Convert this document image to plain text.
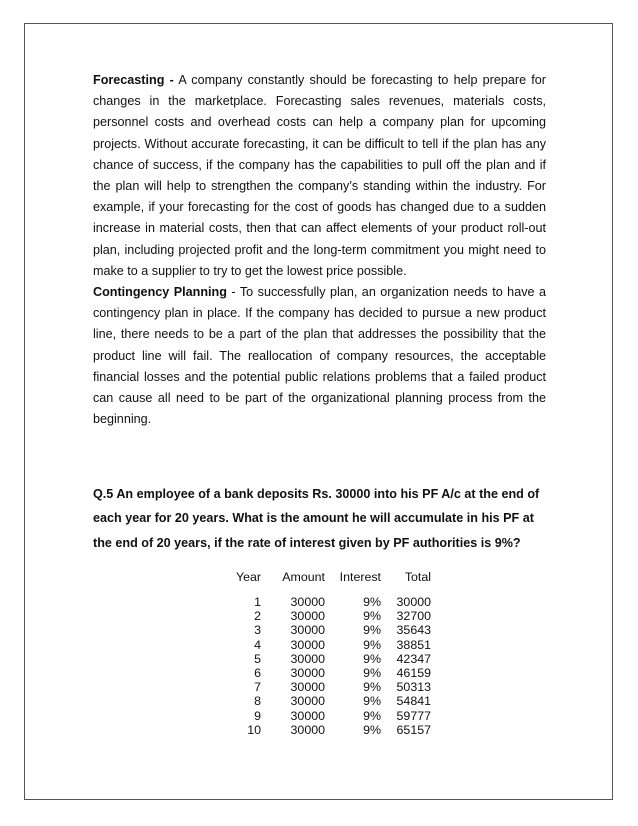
Forecasting - A company constantly should be forecasting to help prepare for changes in the marketplace. Forecasting sales revenues, materials costs, personnel costs and overhead costs can help a company plan for upcoming projects. Without accurate forecasting, it can be difficult to tell if the plan has any chance of success, if the company has the capabilities to pull off the plan and if the plan will help to strengthen the company’s standing within the industry. For example, if your forecasting for the cost of goods has changed due to a sudden increase in material costs, then that can affect elements of your product roll-out plan, including projected profit and the long-term commitment you might need to make to a supplier to try to get the lowest price possible.

Contingency Planning - To successfully plan, an organization needs to have a contingency plan in place. If the company has decided to pursue a new product line, there needs to be a part of the plan that addresses the possibility that the product line will fail. The reallocation of company resources, the acceptable financial losses and the potential public relations problems that a failed product can cause all need to be part of the organizational planning process from the beginning.

Q.5 An employee of a bank deposits Rs. 30000 into his PF A/c at the end of
each year for 20 years. What is the amount he will accumulate in his PF at
the end of 20 years, if the rate of interest given by PF authorities is 9%?
Year	Amount	Interest	Total
1	30000	9%	30000
2	30000	9%	32700
3	30000	9%	35643
4	30000	9%	38851
5	30000	9%	42347
6	30000	9%	46159
7	30000	9%	50313
8	30000	9%	54841
9	30000	9%	59777
10	30000	9%	65157
